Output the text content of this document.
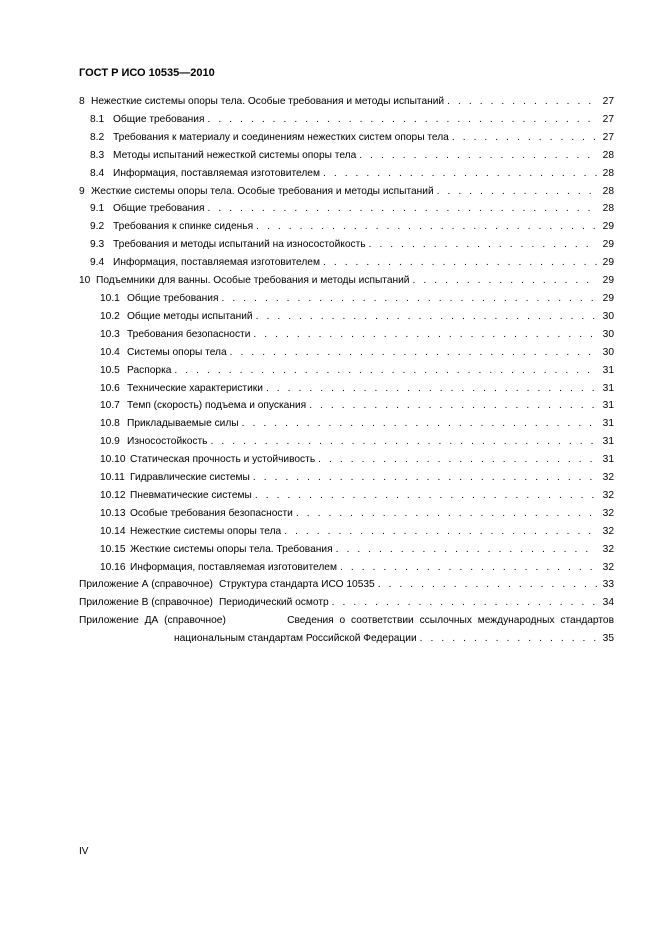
ГОСТ Р ИСО 10535—2010
8 Нежесткие системы опоры тела. Особые требования и методы испытаний . . .	27
8.1 Общие требования . . .	27
8.2 Требования к материалу и соединениям нежестких систем опоры тела . . .	27
8.3 Методы испытаний нежесткой системы опоры тела . . .	28
8.4 Информация, поставляемая изготовителем . . .	28
9 Жесткие системы опоры тела. Особые требования и методы испытаний . . .	28
9.1 Общие требования . . .	28
9.2 Требования к спинке сиденья . . .	29
9.3 Требования и методы испытаний на износостойкость . . .	29
9.4 Информация, поставляемая изготовителем . . .	29
10 Подъемники для ванны. Особые требования и методы испытаний . . .	29
10.1 Общие требования . . .	29
10.2 Общие методы испытаний . . .	30
10.3 Требования безопасности . . .	30
10.4 Системы опоры тела . . .	30
10.5 Распорка . . .	31
10.6 Технические характеристики . . .	31
10.7 Темп (скорость) подъема и опускания . . .	31
10.8 Прикладываемые силы . . .	31
10.9 Износостойкость . . .	31
10.10 Статическая прочность и устойчивость . . .	31
10.11 Гидравлические системы . . .	32
10.12 Пневматические системы . . .	32
10.13 Особые требования безопасности . . .	32
10.14 Нежесткие системы опоры тела . . .	32
10.15 Жесткие системы опоры тела. Требования . . .	32
10.16 Информация, поставляемая изготовителем . . .	32
Приложение А (справочное) Структура стандарта ИСО 10535 . . .	33
Приложение В (справочное) Периодический осмотр . . .	34
Приложение ДА (справочное)	Сведения о соответствии ссылочных международных стандартов
национальным стандартам Российской Федерации . . .	35
IV
